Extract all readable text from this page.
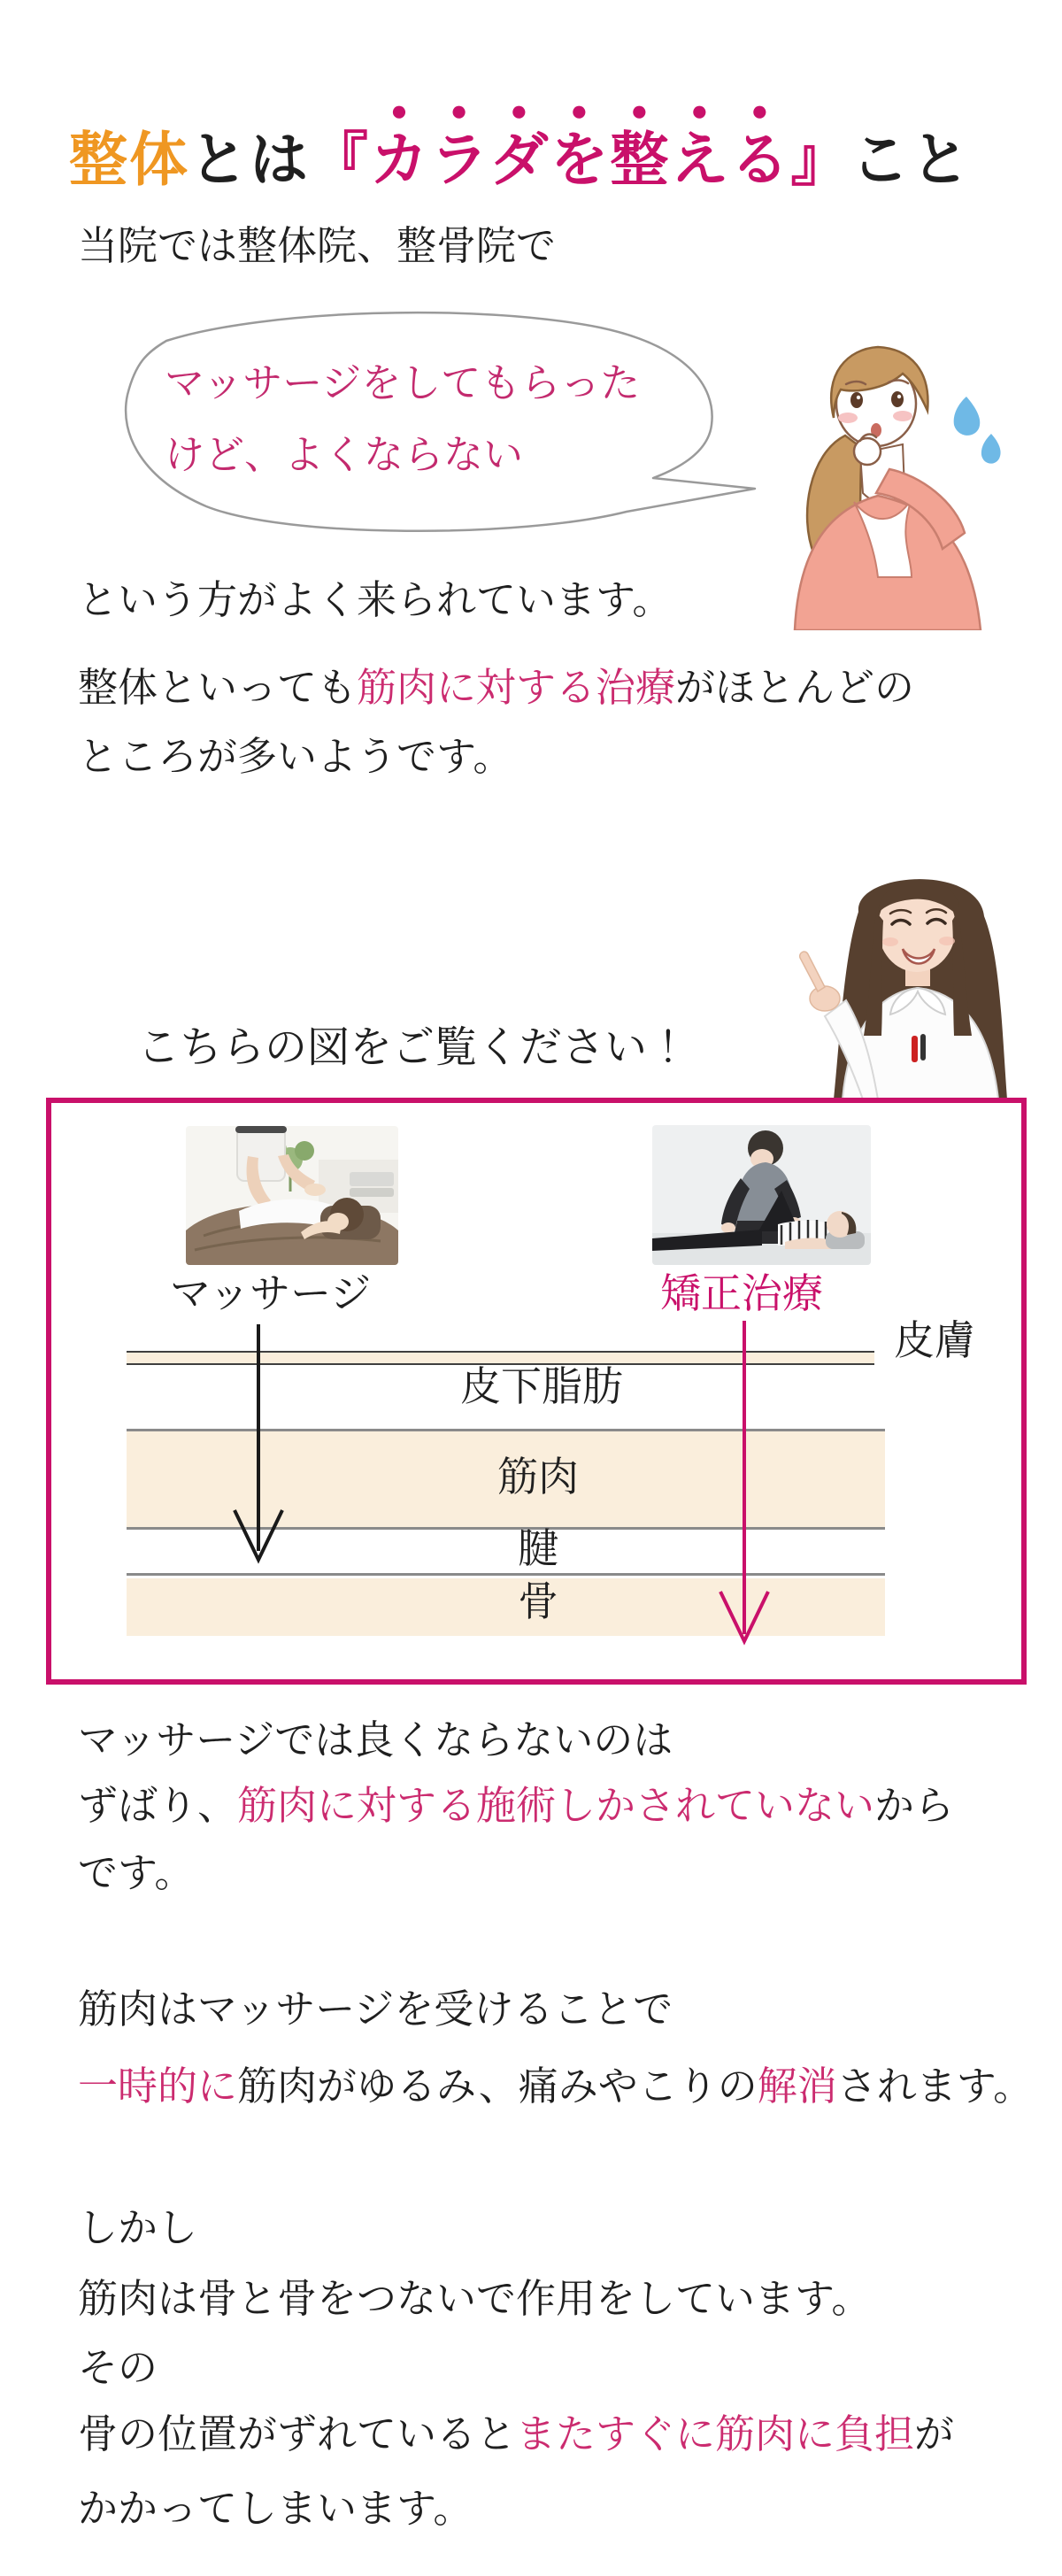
整体とは『カラダを整える』こと
当院では整体院、整骨院で
マッサージをしてもらった
けど、よくならない
という方がよく来られています。
整体といっても筋肉に対する治療がほとんどの
ところが多いようです。
こちらの図をご覧ください！
マッサージ	矯正治療
皮膚
皮下脂肪
筋肉
腱
骨
マッサージでは良くならないのは
ずばり、筋肉に対する施術しかされていないから
です。
筋肉はマッサージを受けることで
一時的に筋肉がゆるみ、痛みやこりの解消されます。
しかし
筋肉は骨と骨をつないで作用をしています。
その
骨の位置がずれているとまたすぐに筋肉に負担が
かかってしまいます。
